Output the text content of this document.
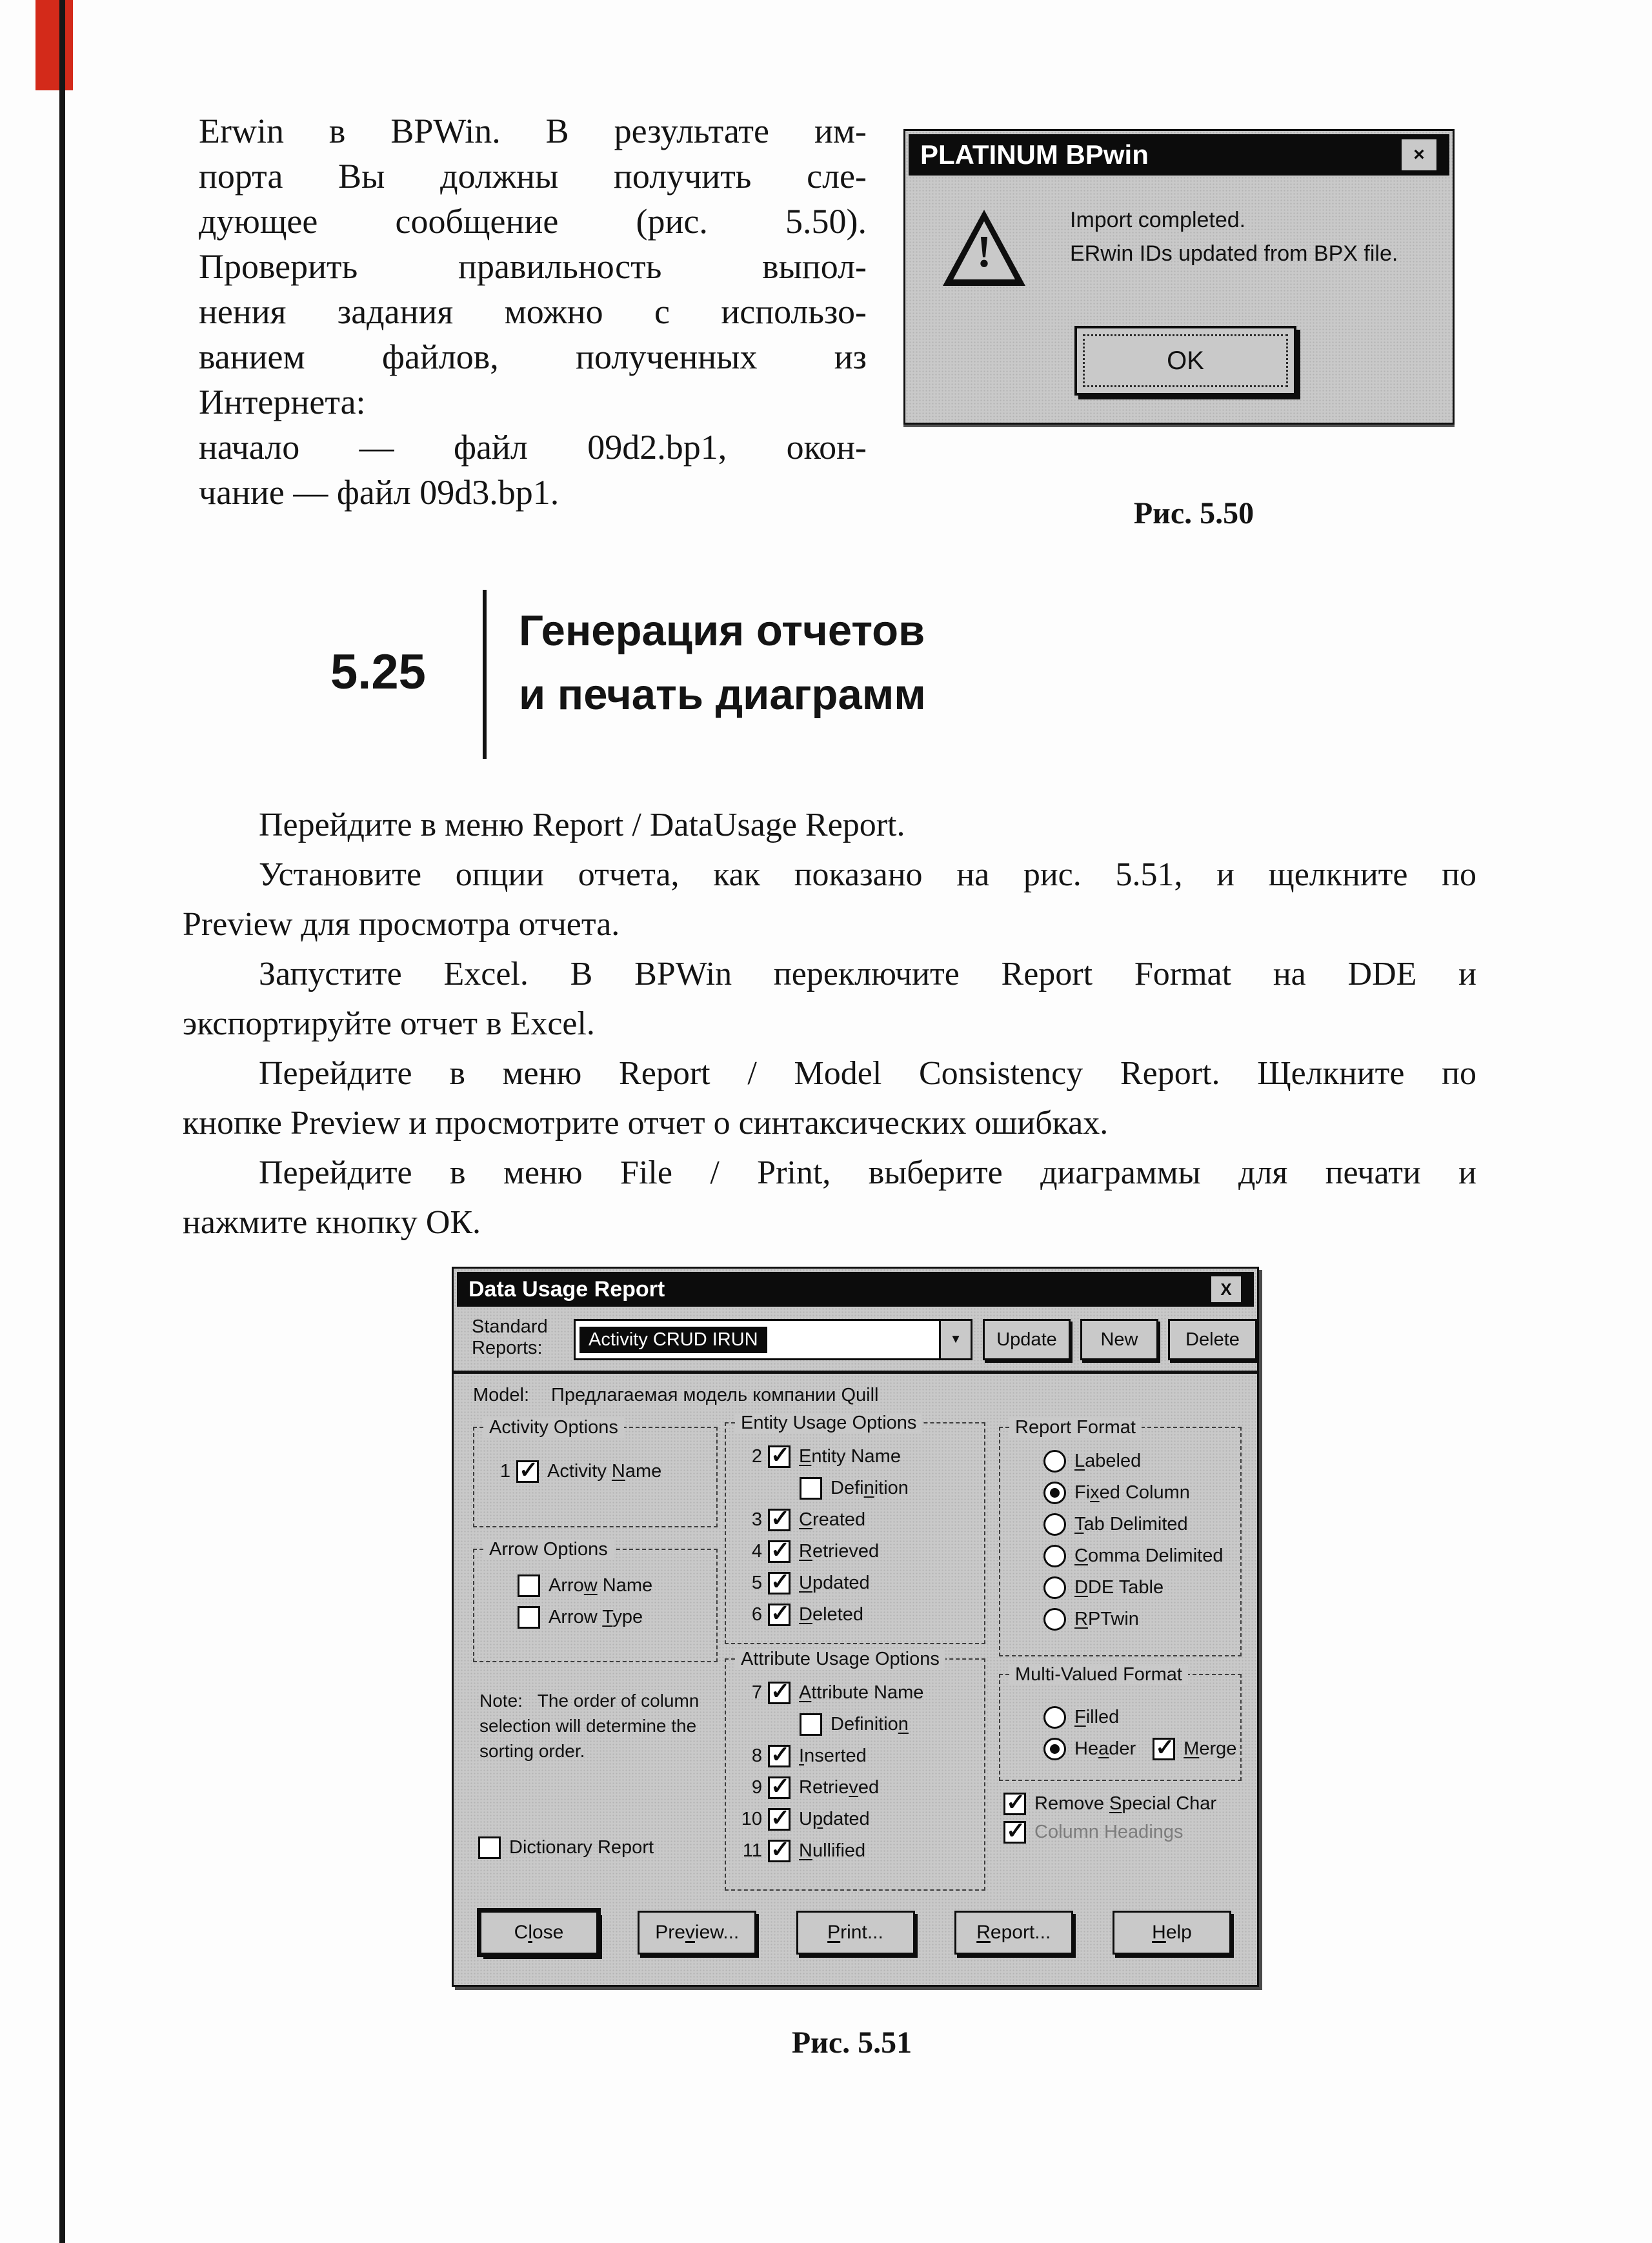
Erwin в BPWin. В результате им-
порта Вы должны получить сле-
дующее сообщение (рис. 5.50).
Проверить правильность выпол-
нения задания можно с использо-
ванием файлов, полученных из
Интернета:
начало — файл 09d2.bp1, окон-
чание — файл 09d3.bp1.
5.25
Генерация отчетов
и печать диаграмм
Перейдите в меню Report / DataUsage Report.
Установите опции отчета, как показано на рис. 5.51, и щелкните по
Preview для просмотра отчета.
Запустите Excel. В BPWin переключите Report Format на DDE и
экспортируйте отчет в Excel.
Перейдите в меню Report / Model Consistency Report. Щелкните по
кнопке Preview и просмотрите отчет о синтаксических ошибках.
Перейдите в меню File / Print, выберите диаграммы для печати и
нажмите кнопку ОК.
PLATINUM BPwin	×
!
Import completed.
ERwin IDs updated from BPX file.
OK
Рис. 5.50
Data Usage Report	X
Standard
Reports:	Activity CRUD IRUN	▼	Update	New	Delete
Model: Предлагаемая модель компании Quill
Activity Options
1 ✓ Activity Name
Arrow Options
Arrow Name
Arrow Type
Note: The order of column selection will determine the sorting order.
Dictionary Report
Entity Usage Options
2 ✓ Entity Name
Definition
3 ✓ Created
4 ✓ Retrieved
5 ✓ Updated
6 ✓ Deleted
Attribute Usage Options
7 ✓ Attribute Name
Definition
8 ✓ Inserted
9 ✓ Retrieved
10 ✓ Updated
11 ✓ Nullified
Report Format
Labeled
Fixed Column
Tab Delimited
Comma Delimited
DDE Table
RPTwin
Multi-Valued Format
Filled
Header ✓	Merge
✓
Remove Special Char
✓
Column Headings
C l ose	Pre v iew...	P rint...	R eport...	H elp
Рис. 5.51
